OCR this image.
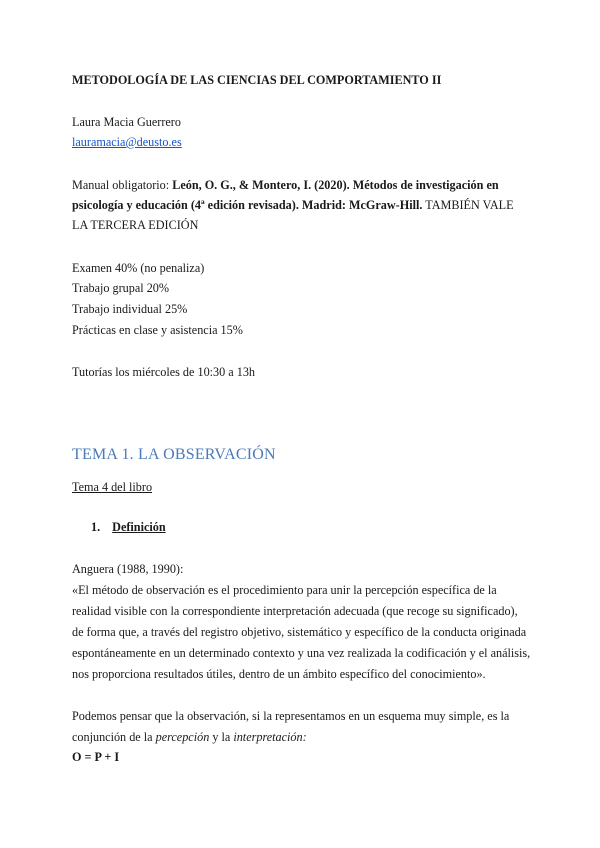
METODOLOGÍA DE LAS CIENCIAS DEL COMPORTAMIENTO II
Laura Macia Guerrero
lauramacia@deusto.es
Manual obligatorio: León, O. G., & Montero, I. (2020). Métodos de investigación en
psicología y educación (4ª edición revisada). Madrid: McGraw-Hill. TAMBIÉN VALE
LA TERCERA EDICIÓN
Examen 40% (no penaliza)
Trabajo grupal 20%
Trabajo individual 25%
Prácticas en clase y asistencia 15%
Tutorías los miércoles de 10:30 a 13h
TEMA 1. LA OBSERVACIÓN
Tema 4 del libro
1. Definición
Anguera (1988, 1990):
«El método de observación es el procedimiento para unir la percepción específica de la
realidad visible con la correspondiente interpretación adecuada (que recoge su significado),
de forma que, a través del registro objetivo, sistemático y específico de la conducta originada
espontáneamente en un determinado contexto y una vez realizada la codificación y el análisis,
nos proporciona resultados útiles, dentro de un ámbito específico del conocimiento».
Podemos pensar que la observación, si la representamos en un esquema muy simple, es la
conjunción de la percepción y la interpretación:
O = P + I
